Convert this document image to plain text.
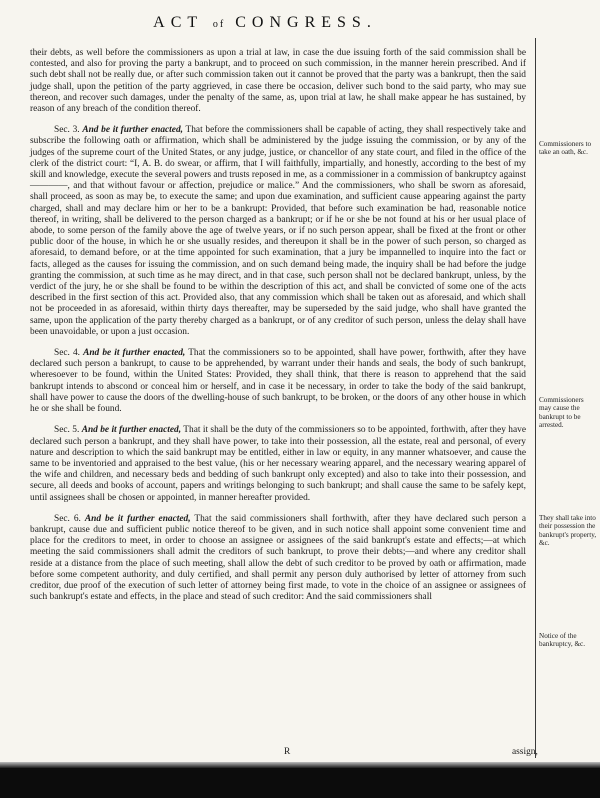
ACT of CONGRESS.

their debts, as well before the commissioners as upon a trial at law, in case the due issuing forth of the said commission shall be contested, and also for proving the party a bankrupt, and to proceed on such commission, in the manner herein prescribed. And if such debt shall not be really due, or after such commission taken out it cannot be proved that the party was a bankrupt, then the said judge shall, upon the petition of the party aggrieved, in case there be occasion, deliver such bond to the said party, who may sue thereon, and recover such damages, under the penalty of the same, as, upon trial at law, he shall make appear he has sustained, by reason of any breach of the condition thereof.

Sec. 3. And be it further enacted, That before the commissioners shall be capable of acting, they shall respectively take and subscribe the following oath or affirmation, which shall be administered by the judge issuing the commission, or by any of the judges of the supreme court of the United States, or any judge, justice, or chancellor of any state court, and filed in the office of the clerk of the district court: “I, A. B. do swear, or affirm, that I will faithfully, impartially, and honestly, according to the best of my skill and knowledge, execute the several powers and trusts reposed in me, as a commissioner in a commission of bankruptcy against ————, and that without favour or affection, prejudice or malice.” And the commissioners, who shall be sworn as aforesaid, shall proceed, as soon as may be, to execute the same; and upon due examination, and sufficient cause appearing against the party charged, shall and may declare him or her to be a bankrupt: Provided, that before such examination be had, reasonable notice thereof, in writing, shall be delivered to the person charged as a bankrupt; or if he or she be not found at his or her usual place of abode, to some person of the family above the age of twelve years, or if no such person appear, shall be fixed at the front or other public door of the house, in which he or she usually resides, and thereupon it shall be in the power of such person, so charged as aforesaid, to demand before, or at the time appointed for such examination, that a jury be impannelled to inquire into the fact or facts, alleged as the causes for issuing the commission, and on such demand being made, the inquiry shall be had before the judge granting the commission, at such time as he may direct, and in that case, such person shall not be declared bankrupt, unless, by the verdict of the jury, he or she shall be found to be within the description of this act, and shall be convicted of some one of the acts described in the first section of this act. Provided also, that any commission which shall be taken out as aforesaid, and which shall not be proceeded in as aforesaid, within thirty days thereafter, may be superseded by the said judge, who shall have granted the same, upon the application of the party thereby charged as a bankrupt, or of any creditor of such person, unless the delay shall have been unavoidable, or upon a just occasion.

Sec. 4. And be it further enacted, That the commissioners so to be appointed, shall have power, forthwith, after they have declared such person a bankrupt, to cause to be apprehended, by warrant under their hands and seals, the body of such bankrupt, wheresoever to be found, within the United States: Provided, they shall think, that there is reason to apprehend that the said bankrupt intends to abscond or conceal him or herself, and in case it be necessary, in order to take the body of the said bankrupt, shall have power to cause the doors of the dwelling-house of such bankrupt, to be broken, or the doors of any other house in which he or she shall be found.

Sec. 5. And be it further enacted, That it shall be the duty of the commissioners so to be appointed, forthwith, after they have declared such person a bankrupt, and they shall have power, to take into their possession, all the estate, real and personal, of every nature and description to which the said bankrupt may be entitled, either in law or equity, in any manner whatsoever, and cause the same to be inventoried and appraised to the best value, (his or her necessary wearing apparel, and the necessary wearing apparel of the wife and children, and necessary beds and bedding of such bankrupt only excepted) and also to take into their possession, and secure, all deeds and books of account, papers and writings belonging to such bankrupt; and shall cause the same to be safely kept, until assignees shall be chosen or appointed, in manner hereafter provided.

Sec. 6. And be it further enacted, That the said commissioners shall forthwith, after they have declared such person a bankrupt, cause due and sufficient public notice thereof to be given, and in such notice shall appoint some convenient time and place for the creditors to meet, in order to choose an assignee or assignees of the said bankrupt's estate and effects;—at which meeting the said commissioners shall admit the creditors of such bankrupt, to prove their debts;—and where any creditor shall reside at a distance from the place of such meeting, shall allow the debt of such creditor to be proved by oath or affirmation, made before some competent authority, and duly certified, and shall permit any person duly authorised by letter of attorney from such creditor, due proof of the execution of such letter of attorney being first made, to vote in the choice of an assignee or assignees of such bankrupt's estate and effects, in the place and stead of such creditor: And the said commissioners shall

Commissioners to take an oath, &c.
Commissioners may cause the bankrupt to be arrested.
They shall take into their possession the bankrupt's property, &c.
Notice of the bankruptcy, &c.
R	assign,
